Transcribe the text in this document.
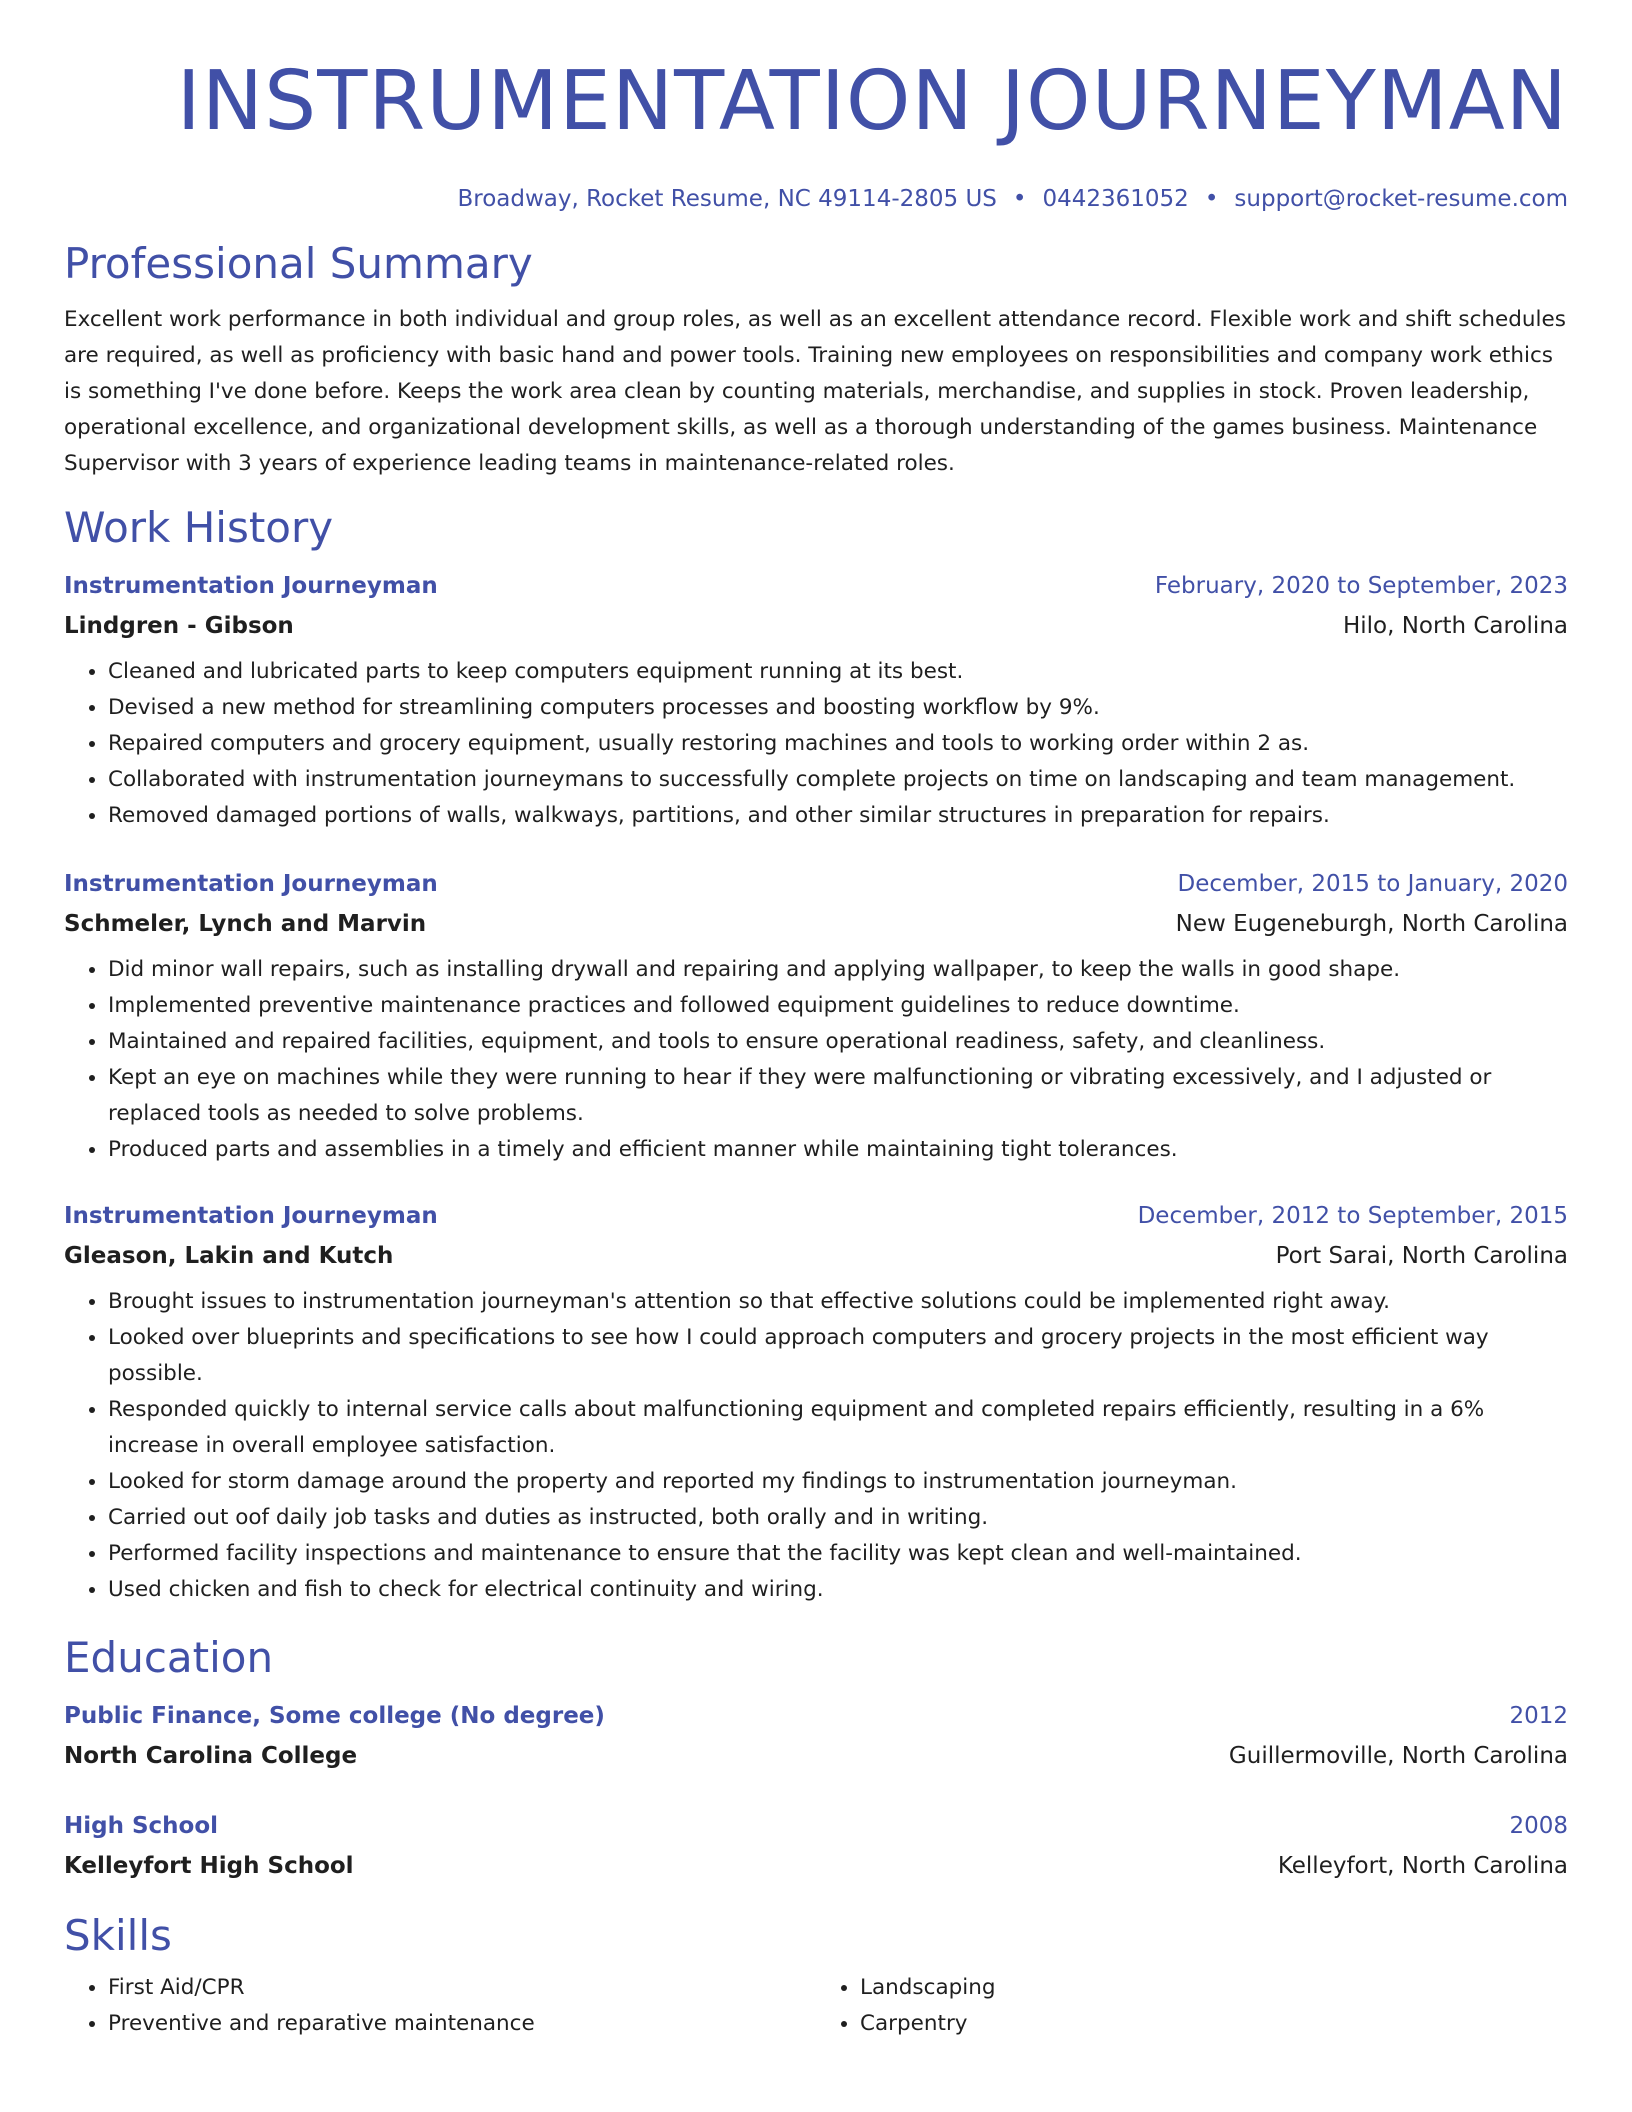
INSTRUMENTATION JOURNEYMAN
Broadway, Rocket Resume, NC 49114-2805 US • 0442361052 • support@rocket-resume.com
Professional Summary
Excellent work performance in both individual and group roles, as well as an excellent attendance record. Flexible work and shift schedules are required, as well as proficiency with basic hand and power tools. Training new employees on responsibilities and company work ethics is something I've done before. Keeps the work area clean by counting materials, merchandise, and supplies in stock. Proven leadership, operational excellence, and organizational development skills, as well as a thorough understanding of the games business. Maintenance Supervisor with 3 years of experience leading teams in maintenance-related roles.
Work History
Instrumentation Journeyman	February, 2020 to September, 2023
Lindgren - Gibson	Hilo, North Carolina
• Cleaned and lubricated parts to keep computers equipment running at its best.
• Devised a new method for streamlining computers processes and boosting workflow by 9%.
• Repaired computers and grocery equipment, usually restoring machines and tools to working order within 2 as.
• Collaborated with instrumentation journeymans to successfully complete projects on time on landscaping and team management.
• Removed damaged portions of walls, walkways, partitions, and other similar structures in preparation for repairs.
Instrumentation Journeyman	December, 2015 to January, 2020
Schmeler, Lynch and Marvin	New Eugeneburgh, North Carolina
• Did minor wall repairs, such as installing drywall and repairing and applying wallpaper, to keep the walls in good shape.
• Implemented preventive maintenance practices and followed equipment guidelines to reduce downtime.
• Maintained and repaired facilities, equipment, and tools to ensure operational readiness, safety, and cleanliness.
• Kept an eye on machines while they were running to hear if they were malfunctioning or vibrating excessively, and I adjusted or replaced tools as needed to solve problems.
• Produced parts and assemblies in a timely and efficient manner while maintaining tight tolerances.
Instrumentation Journeyman	December, 2012 to September, 2015
Gleason, Lakin and Kutch	Port Sarai, North Carolina
• Brought issues to instrumentation journeyman's attention so that effective solutions could be implemented right away.
• Looked over blueprints and specifications to see how I could approach computers and grocery projects in the most efficient way possible.
• Responded quickly to internal service calls about malfunctioning equipment and completed repairs efficiently, resulting in a 6% increase in overall employee satisfaction.
• Looked for storm damage around the property and reported my findings to instrumentation journeyman.
• Carried out oof daily job tasks and duties as instructed, both orally and in writing.
• Performed facility inspections and maintenance to ensure that the facility was kept clean and well-maintained.
• Used chicken and fish to check for electrical continuity and wiring.
Education
Public Finance, Some college (No degree)	2012
North Carolina College	Guillermoville, North Carolina
High School	2008
Kelleyfort High School	Kelleyfort, North Carolina
Skills
• First Aid/CPR
• Preventive and reparative maintenance
• Landscaping
• Carpentry
